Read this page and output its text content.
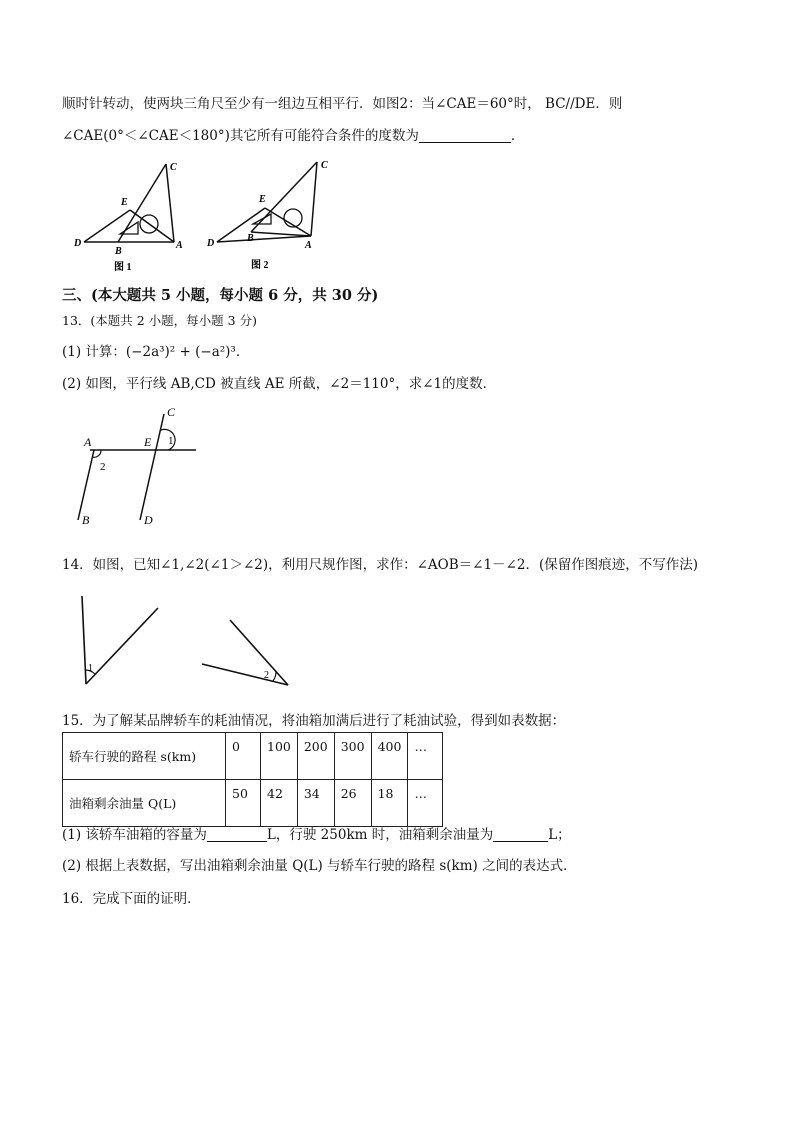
顺时针转动，使两块三角尺至少有一组边互相平行．如图2：当∠CAE＝60°时， BC//DE．则
∠CAE(0°＜∠CAE＜180°)其它所有可能符合条件的度数为	．
C
E
D
B
A
图 1
C
E
D	B
A
图 2
三、(本大题共 5 小题，每小题 6 分，共 30 分)
13．(本题共 2 小题，每小题 3 分)
(1) 计算：(−2a³)² + (−a²)³．
(2) 如图，平行线 AB,CD 被直线 AE 所截，∠2＝110°，求∠1的度数．
C
A	E 1
2
B	D
14．如图，已知∠1,∠2(∠1＞∠2)，利用尺规作图，求作：∠AOB＝∠1－∠2．(保留作图痕迹，不写作法)
1
2
15．为了解某品牌轿车的耗油情况，将油箱加满后进行了耗油试验，得到如表数据：
轿车行驶的路程 s(km)	0	100	200	300	400	…
油箱剩余油量 Q(L)	50	42	34	26	18	…
(1) 该轿车油箱的容量为	L，行驶 250km 时，油箱剩余油量为	L；
(2) 根据上表数据，写出油箱剩余油量 Q(L) 与轿车行驶的路程 s(km) 之间的表达式．
16．完成下面的证明．
